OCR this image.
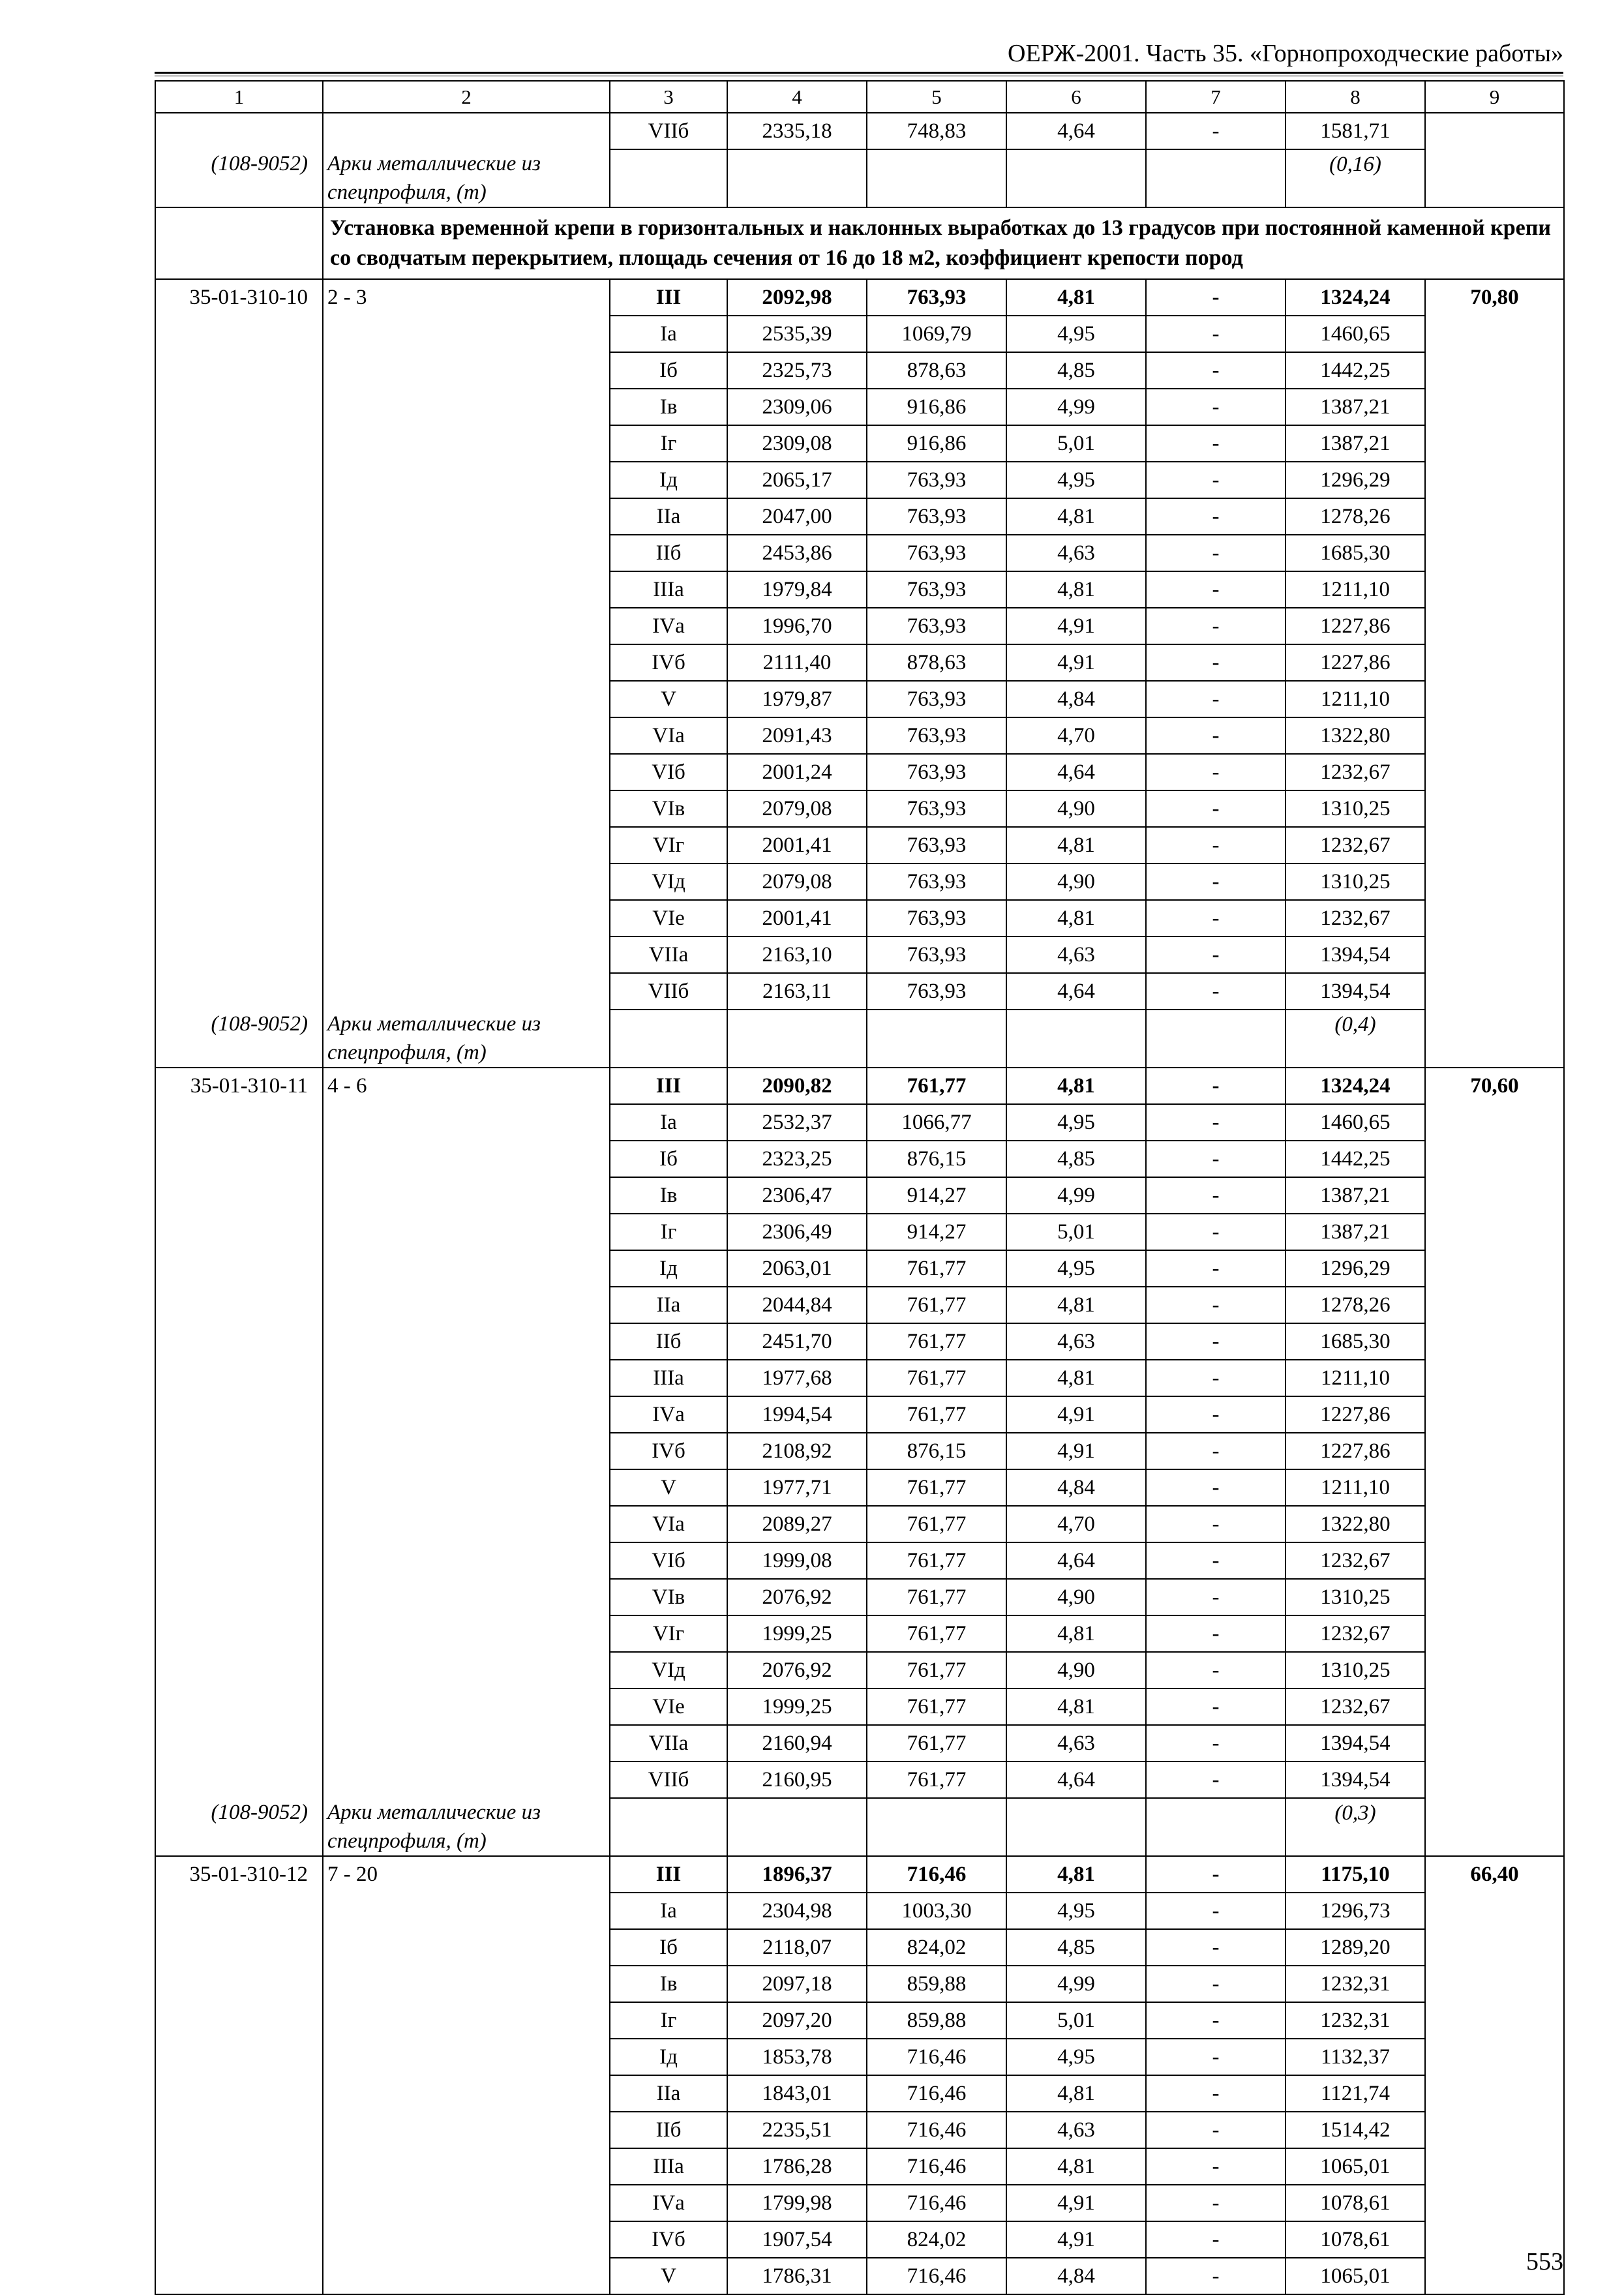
ОЕРЖ-2001. Часть 35. «Горнопроходческие работы»
1	2	3	4	5	6	7	8	9
		VIIб	2335,18	748,83	4,64	-	1581,71	
(108-9052)	Арки металлические из спецпрофиля, (т)						(0,16)	
	Установка временной крепи в горизонтальных и наклонных выработках до 13 градусов при постоянной каменной крепи со сводчатым перекрытием, площадь сечения от 16 до 18 м2, коэффициент крепости пород							
35-01-310-10	2 - 3	III	2092,98	763,93	4,81	-	1324,24	70,80
		Iа	2535,39	1069,79	4,95	-	1460,65	
		Iб	2325,73	878,63	4,85	-	1442,25	
		Iв	2309,06	916,86	4,99	-	1387,21	
		Iг	2309,08	916,86	5,01	-	1387,21	
		Iд	2065,17	763,93	4,95	-	1296,29	
		IIа	2047,00	763,93	4,81	-	1278,26	
		IIб	2453,86	763,93	4,63	-	1685,30	
		IIIа	1979,84	763,93	4,81	-	1211,10	
		IVа	1996,70	763,93	4,91	-	1227,86	
		IVб	2111,40	878,63	4,91	-	1227,86	
		V	1979,87	763,93	4,84	-	1211,10	
		VIа	2091,43	763,93	4,70	-	1322,80	
		VIб	2001,24	763,93	4,64	-	1232,67	
		VIв	2079,08	763,93	4,90	-	1310,25	
		VIг	2001,41	763,93	4,81	-	1232,67	
		VIд	2079,08	763,93	4,90	-	1310,25	
		VIе	2001,41	763,93	4,81	-	1232,67	
		VIIа	2163,10	763,93	4,63	-	1394,54	
		VIIб	2163,11	763,93	4,64	-	1394,54	
(108-9052)	Арки металлические из спецпрофиля, (т)						(0,4)	
35-01-310-11	4 - 6	III	2090,82	761,77	4,81	-	1324,24	70,60
		Iа	2532,37	1066,77	4,95	-	1460,65	
		Iб	2323,25	876,15	4,85	-	1442,25	
		Iв	2306,47	914,27	4,99	-	1387,21	
		Iг	2306,49	914,27	5,01	-	1387,21	
		Iд	2063,01	761,77	4,95	-	1296,29	
		IIа	2044,84	761,77	4,81	-	1278,26	
		IIб	2451,70	761,77	4,63	-	1685,30	
		IIIа	1977,68	761,77	4,81	-	1211,10	
		IVа	1994,54	761,77	4,91	-	1227,86	
		IVб	2108,92	876,15	4,91	-	1227,86	
		V	1977,71	761,77	4,84	-	1211,10	
		VIа	2089,27	761,77	4,70	-	1322,80	
		VIб	1999,08	761,77	4,64	-	1232,67	
		VIв	2076,92	761,77	4,90	-	1310,25	
		VIг	1999,25	761,77	4,81	-	1232,67	
		VIд	2076,92	761,77	4,90	-	1310,25	
		VIе	1999,25	761,77	4,81	-	1232,67	
		VIIа	2160,94	761,77	4,63	-	1394,54	
		VIIб	2160,95	761,77	4,64	-	1394,54	
(108-9052)	Арки металлические из спецпрофиля, (т)						(0,3)	
35-01-310-12	7 - 20	III	1896,37	716,46	4,81	-	1175,10	66,40
		Iа	2304,98	1003,30	4,95	-	1296,73	
		Iб	2118,07	824,02	4,85	-	1289,20	
		Iв	2097,18	859,88	4,99	-	1232,31	
		Iг	2097,20	859,88	5,01	-	1232,31	
		Iд	1853,78	716,46	4,95	-	1132,37	
		IIа	1843,01	716,46	4,81	-	1121,74	
		IIб	2235,51	716,46	4,63	-	1514,42	
		IIIа	1786,28	716,46	4,81	-	1065,01	
		IVа	1799,98	716,46	4,91	-	1078,61	
		IVб	1907,54	824,02	4,91	-	1078,61	
		V	1786,31	716,46	4,84	-	1065,01	
553
